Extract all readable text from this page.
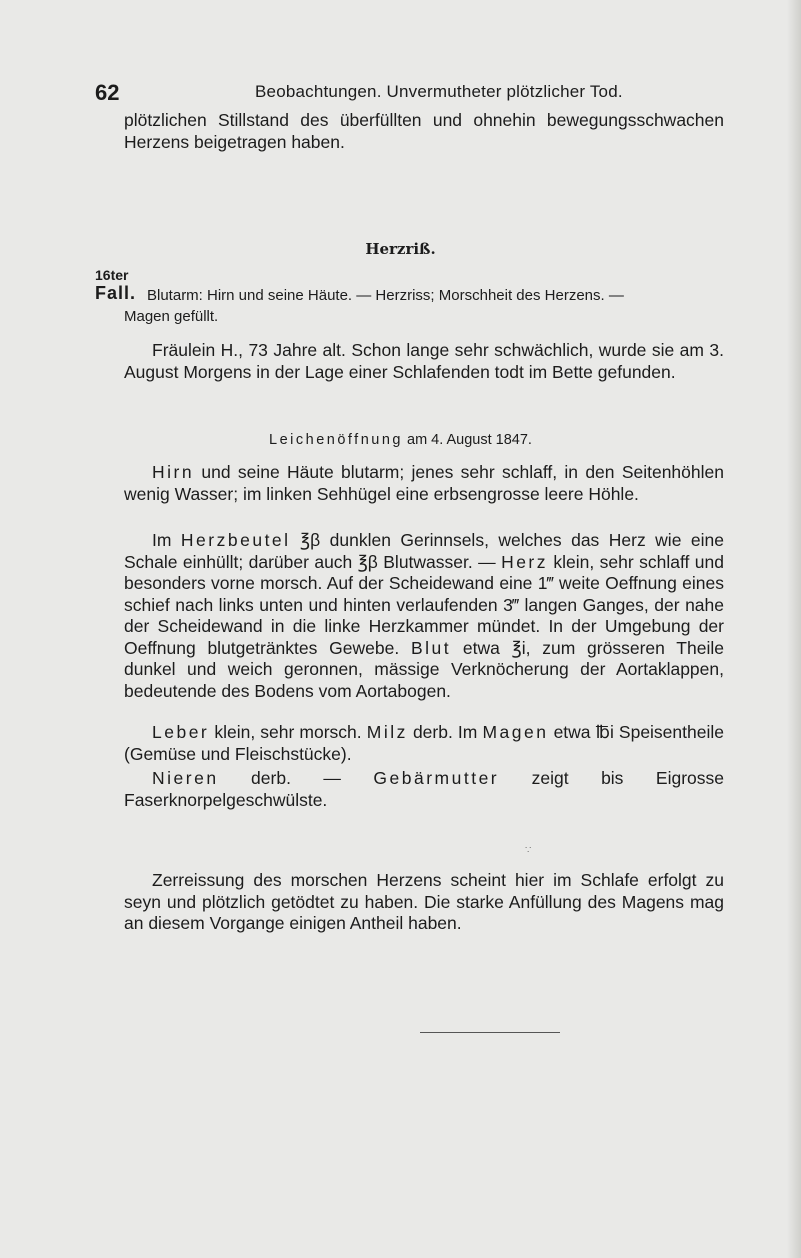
62	Beobachtungen. Unvermutheter plötzlicher Tod.

plötzlichen Stillstand des überfüllten und ohnehin bewegungsschwachen Herzens beigetragen haben.

Herzriß.
16ter
Fall. Blutarm: Hirn und seine Häute. — Herzriss; Morschheit des Herzens. —
Magen gefüllt.

Fräulein H., 73 Jahre alt. Schon lange sehr schwächlich, wurde sie am 3. August Morgens in der Lage einer Schlafenden todt im Bette gefunden.

Leichenöffnung am 4. August 1847.

Hirn und seine Häute blutarm; jenes sehr schlaff, in den Seitenhöhlen wenig Wasser; im linken Sehhügel eine erbsengrosse leere Höhle.

Im Herzbeutel ℥β dunklen Gerinnsels, welches das Herz wie eine Schale einhüllt; darüber auch ℥β Blutwasser. — Herz klein, sehr schlaff und besonders vorne morsch. Auf der Scheidewand eine 1‴ weite Oeffnung eines schief nach links unten und hinten verlaufenden 3‴ langen Ganges, der nahe der Scheidewand in die linke Herzkammer mündet. In der Umgebung der Oeffnung blutgetränktes Gewebe. Blut etwa ℥i, zum grösseren Theile dunkel und weich geronnen, mässige Verknöcherung der Aortaklappen, bedeutende des Bodens vom Aortabogen.

Leber klein, sehr morsch. Milz derb. Im Magen etwa ℔i Speisentheile (Gemüse und Fleischstücke).

Nieren derb. — Gebärmutter zeigt bis Eigrosse Faserknorpelgeschwülste.

∵

Zerreissung des morschen Herzens scheint hier im Schlafe erfolgt zu seyn und plötzlich getödtet zu haben. Die starke Anfüllung des Magens mag an diesem Vorgange einigen Antheil haben.
